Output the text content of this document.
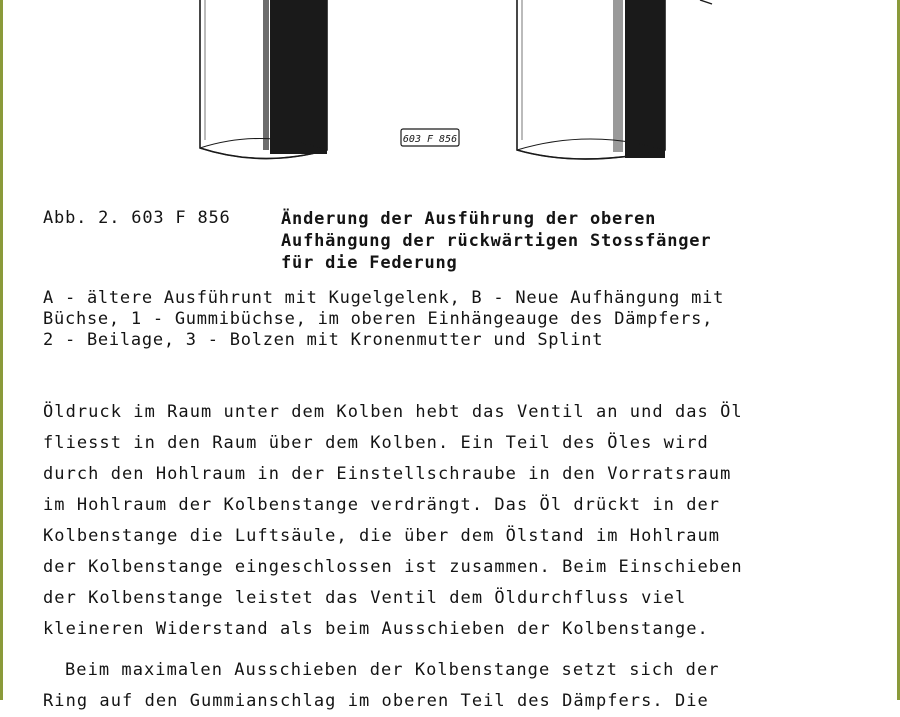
603 F 856
Abb. 2. 603 F 856	Änderung der Ausführung der oberen
Aufhängung der rückwärtigen Stossfänger
für die Federung
A - ältere Ausführunt mit Kugelgelenk, B - Neue Aufhängung mit
Büchse, 1 - Gummibüchse, im oberen Einhängeauge des Dämpfers,
2 - Beilage, 3 - Bolzen mit Kronenmutter und Splint
Öldruck im Raum unter dem Kolben hebt das Ventil an und das Öl
fliesst in den Raum über dem Kolben. Ein Teil des Öles wird
durch den Hohlraum in der Einstellschraube in den Vorratsraum
im Hohlraum der Kolbenstange verdrängt. Das Öl drückt in der
Kolbenstange die Luftsäule, die über dem Ölstand im Hohlraum
der Kolbenstange eingeschlossen ist zusammen. Beim Einschieben
der Kolbenstange leistet das Ventil dem Öldurchfluss viel
kleineren Widerstand als beim Ausschieben der Kolbenstange.
Beim maximalen Ausschieben der Kolbenstange setzt sich der
Ring auf den Gummianschlag im oberen Teil des Dämpfers. Die
